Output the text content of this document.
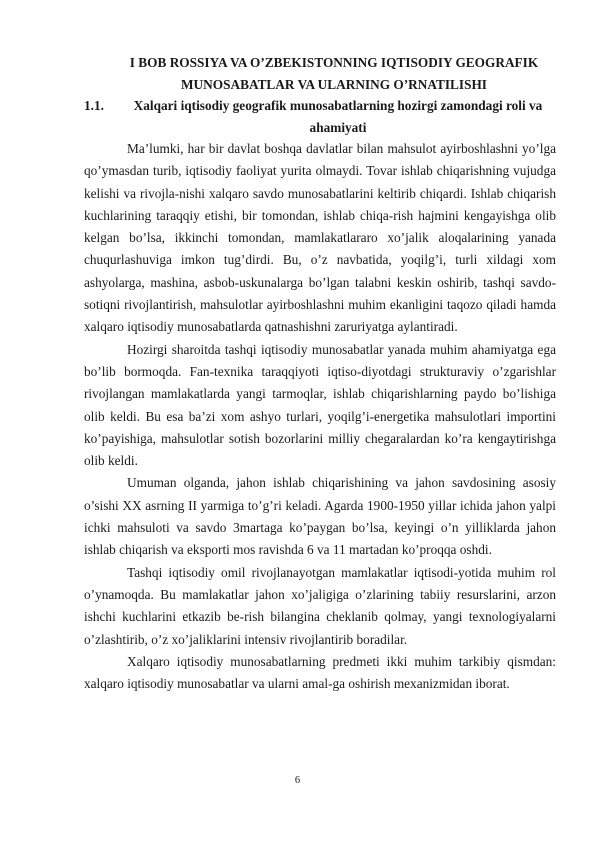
I BOB ROSSIYA VA O’ZBEKISTONNING IQTISODIY GEOGRAFIK MUNOSABATLAR VA ULARNING O’RNATILISHI
1.1. Xalqari iqtisodiy geografik munosabatlarning hozirgi zamondagi roli va ahamiyati

Ma’lumki, har bir davlat boshqa davlatlar bilan mahsulot ayirboshlashni yo’lga qo’ymasdan turib, iqtisodiy faoliyat yurita olmaydi. Tovar ishlab chiqarishning vujudga kelishi va rivojla-nishi xalqaro savdo munosabatlarini keltirib chiqardi. Ishlab chiqarish kuchlarining taraqqiy etishi, bir tomondan, ishlab chiqa-rish hajmini kengayishga olib kelgan bo’lsa, ikkinchi tomondan, mamlakatlararo xo’jalik aloqalarining yanada chuqurlashuviga imkon tug’dirdi. Bu, o’z navbatida, yoqilg’i, turli xildagi xom ashyolarga, mashina, asbob-uskunalarga bo’lgan talabni keskin oshirib, tashqi savdo-sotiqni rivojlantirish, mahsulotlar ayirboshlashni muhim ekanligini taqozo qiladi hamda xalqaro iqtisodiy munosabatlarda qatnashishni zaruriyatga aylantiradi.

Hozirgi sharoitda tashqi iqtisodiy munosabatlar yanada muhim ahamiyatga ega bo’lib bormoqda. Fan-texnika taraqqiyoti iqtiso-diyotdagi strukturaviy o’zgarishlar rivojlangan mamlakatlarda yangi tarmoqlar, ishlab chiqarishlarning paydo bo’lishiga olib keldi. Bu esa ba’zi xom ashyo turlari, yoqilg’i-energetika mahsulotlari importini ko’payishiga, mahsulotlar sotish bozorlarini milliy chegaralardan ko’ra kengaytirishga olib keldi.

Umuman olganda, jahon ishlab chiqarishining va jahon savdosining asosiy o’sishi XX asrning II yarmiga to’g’ri keladi. Agarda 1900-1950 yillar ichida jahon yalpi ichki mahsuloti va savdo 3martaga ko’paygan bo’lsa, keyingi o’n yilliklarda jahon ishlab chiqarish va eksporti mos ravishda 6 va 11 martadan ko’proqqa oshdi.

Tashqi iqtisodiy omil rivojlanayotgan mamlakatlar iqtisodi-yotida muhim rol o’ynamoqda. Bu mamlakatlar jahon xo’jaligiga o’zlarining tabiiy resurslarini, arzon ishchi kuchlarini etkazib be-rish bilangina cheklanib qolmay, yangi texnologiyalarni o’zlashtirib, o’z xo’jaliklarini intensiv rivojlantirib boradilar.

Xalqaro iqtisodiy munosabatlarning predmeti ikki muhim tarkibiy qismdan: xalqaro iqtisodiy munosabatlar va ularni amal-ga oshirish mexanizmidan iborat.

6
